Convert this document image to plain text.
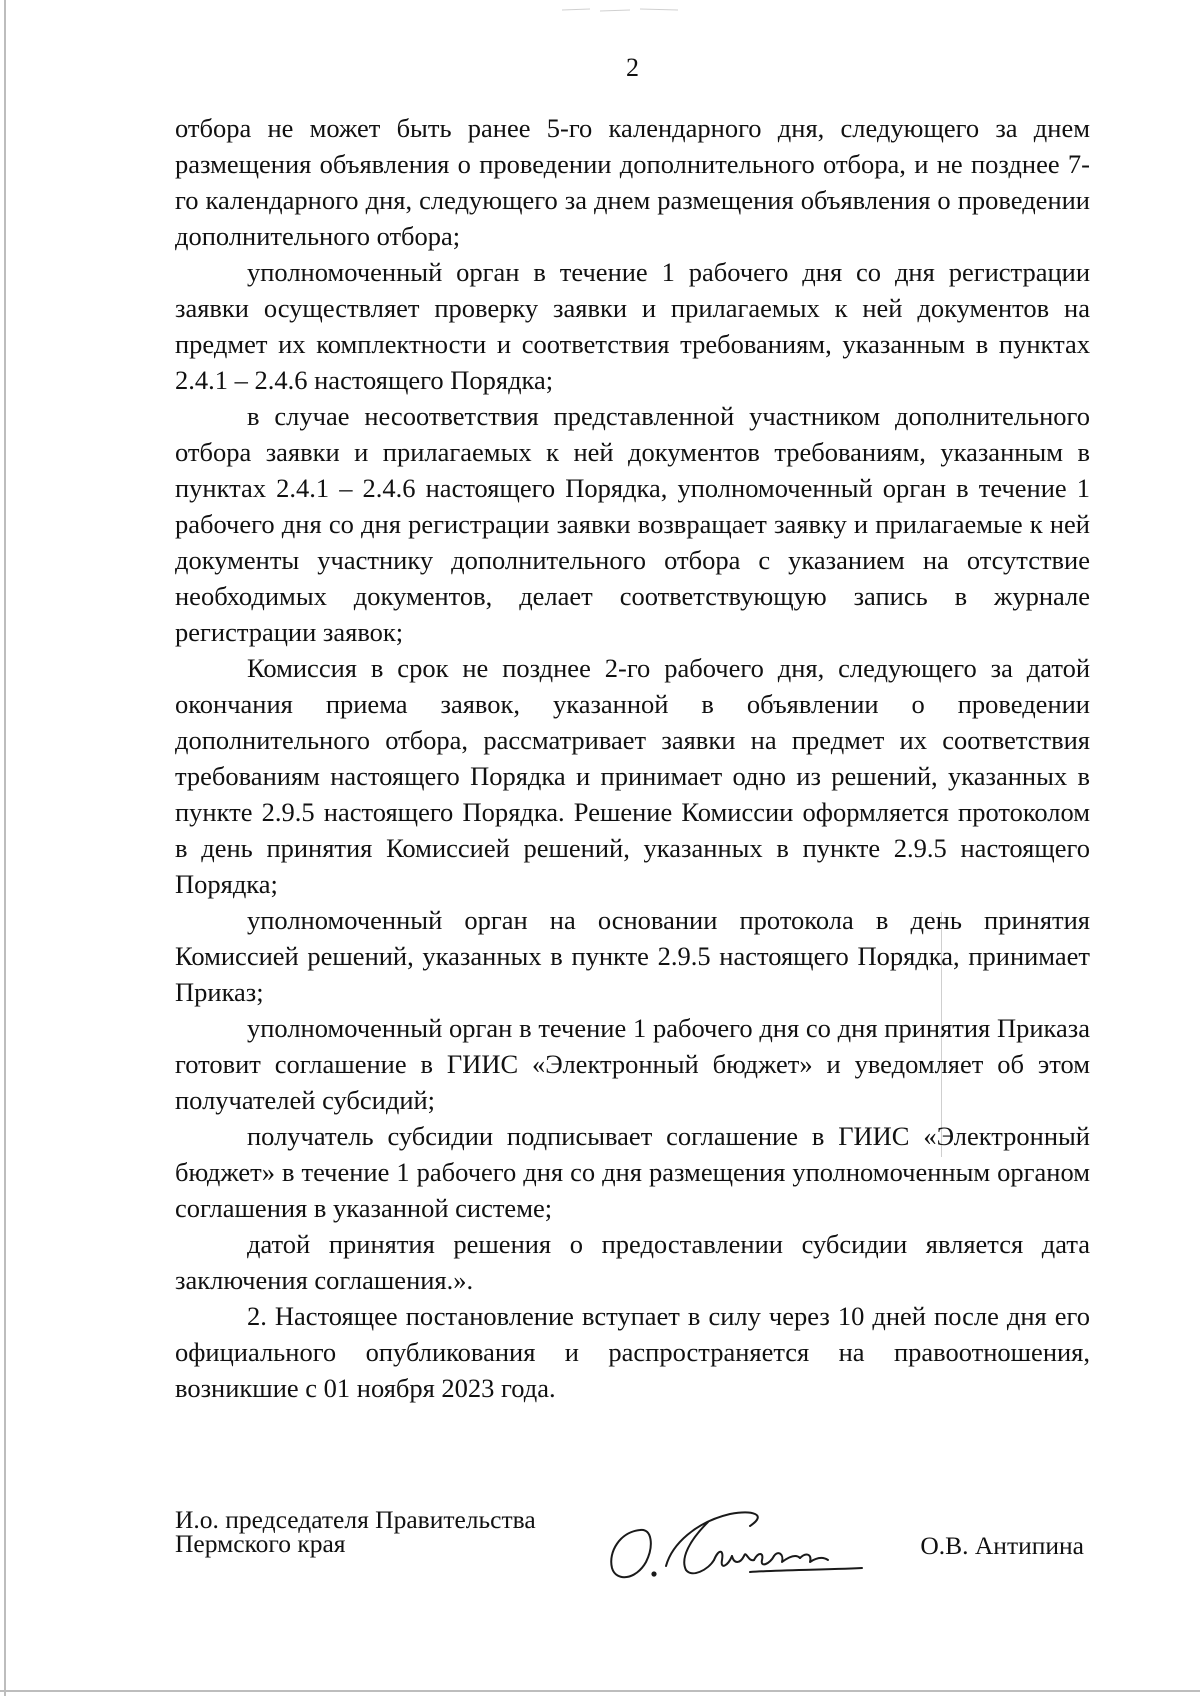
2

отбора не может быть ранее 5-го календарного дня, следующего за днем размещения объявления о проведении дополнительного отбора, и не позднее 7-го календарного дня, следующего за днем размещения объявления о проведении дополнительного отбора;

уполномоченный орган в течение 1 рабочего дня со дня регистрации заявки осуществляет проверку заявки и прилагаемых к ней документов на предмет их комплектности и соответствия требованиям, указанным в пунктах 2.4.1 – 2.4.6 настоящего Порядка;

в случае несоответствия представленной участником дополнительного отбора заявки и прилагаемых к ней документов требованиям, указанным в пунктах 2.4.1 – 2.4.6 настоящего Порядка, уполномоченный орган в течение 1 рабочего дня со дня регистрации заявки возвращает заявку и прилагаемые к ней документы участнику дополнительного отбора с указанием на отсутствие необходимых документов, делает соответствующую запись в журнале регистрации заявок;

Комиссия в срок не позднее 2-го рабочего дня, следующего за датой окончания приема заявок, указанной в объявлении о проведении дополнительного отбора, рассматривает заявки на предмет их соответствия требованиям настоящего Порядка и принимает одно из решений, указанных в пункте 2.9.5 настоящего Порядка. Решение Комиссии оформляется протоколом в день принятия Комиссией решений, указанных в пункте 2.9.5 настоящего Порядка;

уполномоченный орган на основании протокола в день принятия Комиссией решений, указанных в пункте 2.9.5 настоящего Порядка, принимает Приказ;

уполномоченный орган в течение 1 рабочего дня со дня принятия Приказа готовит соглашение в ГИИС «Электронный бюджет» и уведомляет об этом получателей субсидий;

получатель субсидии подписывает соглашение в ГИИС «Электронный бюджет» в течение 1 рабочего дня со дня размещения уполномоченным органом соглашения в указанной системе;

датой принятия решения о предоставлении субсидии является дата заключения соглашения.».

2. Настоящее постановление вступает в силу через 10 дней после дня его официального опубликования и распространяется на правоотношения, возникшие с 01 ноября 2023 года.

И.о. председателя Правительства

Пермского края	О.В. Антипина
